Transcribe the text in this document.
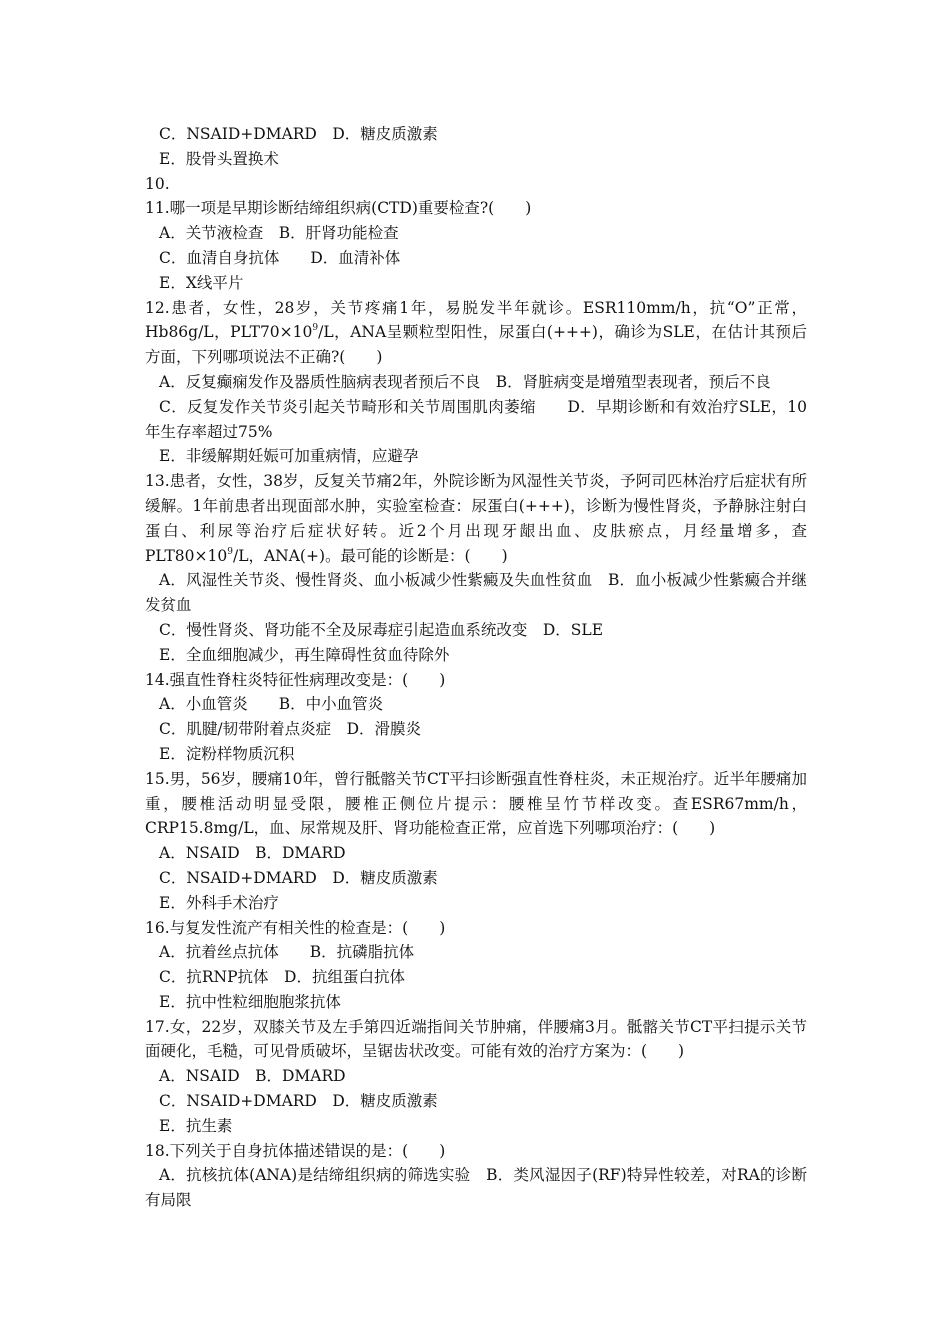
C．NSAID+DMARD　D．糖皮质激素
E．股骨头置换术
10.
11.哪一项是早期诊断结缔组织病(CTD)重要检查?(　　)
A．关节液检查　B．肝肾功能检查
C．血清自身抗体　　D．血清补体
E．X线平片
12.患者，女性，28岁，关节疼痛1年，易脱发半年就诊。ESR110mm/h，抗“O”正常，Hb86g/L，$PLT70\times 10^9/L$，ANA呈颗粒型阳性，尿蛋白(+++)，确诊为SLE，在估计其预后方面，下列哪项说法不正确?(　　)
A．反复癫痫发作及器质性脑病表现者预后不良　B．肾脏病变是增殖型表现者，预后不良
C．反复发作关节炎引起关节畸形和关节周围肌肉萎缩　　D．早期诊断和有效治疗SLE，10年生存率超过75%
E．非缓解期妊娠可加重病情，应避孕
13.患者，女性，38岁，反复关节痛2年，外院诊断为风湿性关节炎，予阿司匹林治疗后症状有所缓解。1年前患者出现面部水肿，实验室检查：尿蛋白(+++)，诊断为慢性肾炎，予静脉注射白蛋白、利尿等治疗后症状好转。近2个月出现牙龈出血、皮肤瘀点，月经量增多，查$PLT80\times 10^9/L$，ANA(+)。最可能的诊断是：(　　)
A．风湿性关节炎、慢性肾炎、血小板减少性紫癜及失血性贫血　B．血小板减少性紫癜合并继发贫血
C．慢性肾炎、肾功能不全及尿毒症引起造血系统改变　D．SLE
E．全血细胞减少，再生障碍性贫血待除外
14.强直性脊柱炎特征性病理改变是：(　　)
A．小血管炎　　B．中小血管炎
C．肌腱/韧带附着点炎症　D．滑膜炎
E．淀粉样物质沉积
15.男，56岁，腰痛10年，曾行骶髂关节CT平扫诊断强直性脊柱炎，未正规治疗。近半年腰痛加重，腰椎活动明显受限，腰椎正侧位片提示：腰椎呈竹节样改变。查ESR67mm/h，CRP15.8mg/L，血、尿常规及肝、肾功能检查正常，应首选下列哪项治疗：(　　)
A．NSAID　B．DMARD
C．NSAID+DMARD　D．糖皮质激素
E．外科手术治疗
16.与复发性流产有相关性的检查是：(　　)
A．抗着丝点抗体　　B．抗磷脂抗体
C．抗RNP抗体　D．抗组蛋白抗体
E．抗中性粒细胞胞浆抗体
17.女，22岁，双膝关节及左手第四近端指间关节肿痛，伴腰痛3月。骶髂关节CT平扫提示关节面硬化，毛糙，可见骨质破坏，呈锯齿状改变。可能有效的治疗方案为：(　　)
A．NSAID　B．DMARD
C．NSAID+DMARD　D．糖皮质激素
E．抗生素
18.下列关于自身抗体描述错误的是：(　　)
A．抗核抗体(ANA)是结缔组织病的筛选实验　B．类风湿因子(RF)特异性较差，对RA的诊断有局限
